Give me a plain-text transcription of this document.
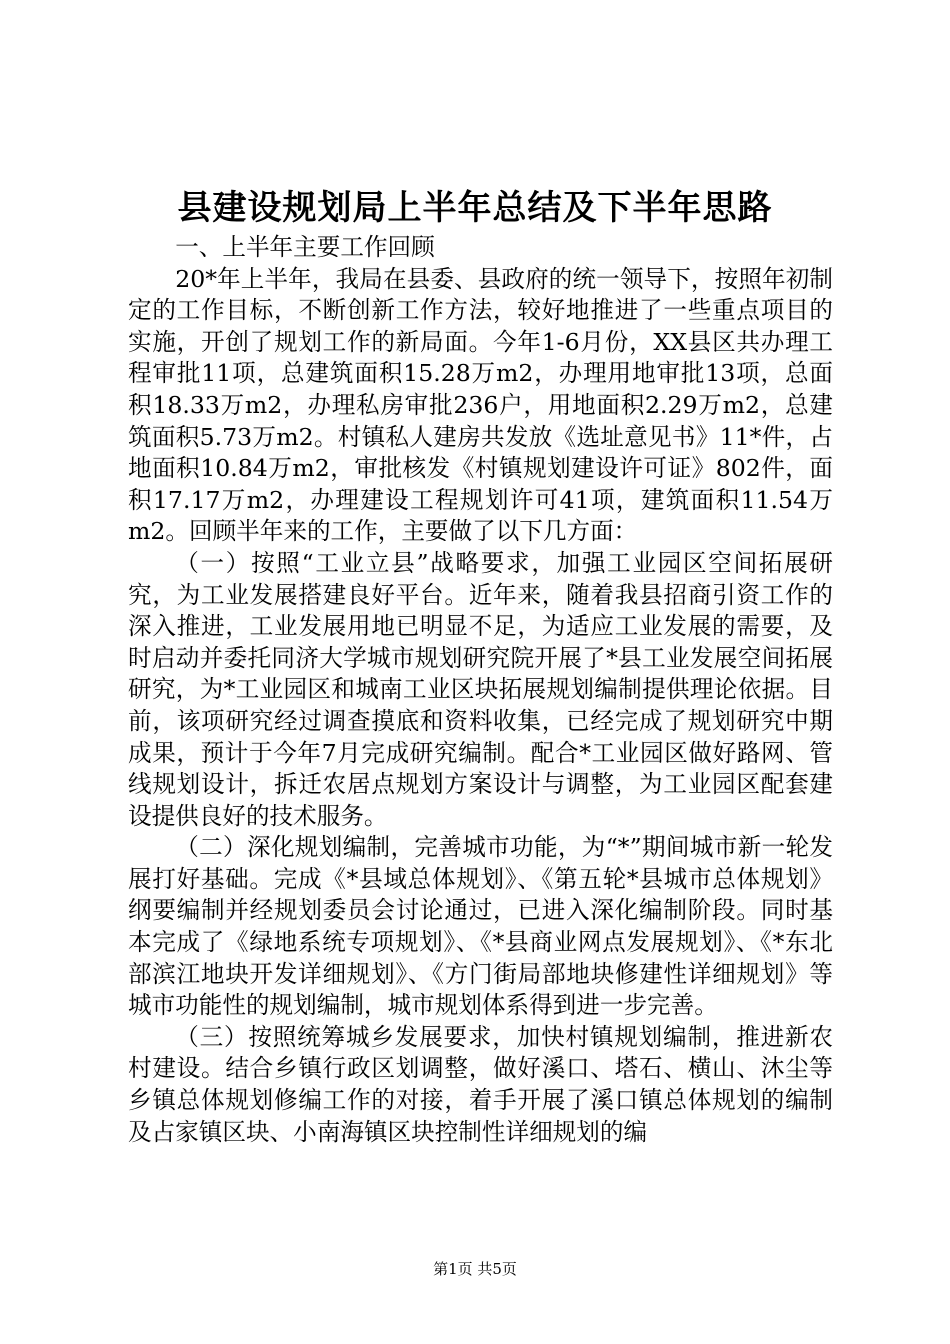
县建设规划局上半年总结及下半年思路
一、上半年主要工作回顾

20*年上半年，我局在县委、县政府的统一领导下，按照年初制定的工作目标，不断创新工作方法，较好地推进了一些重点项目的实施，开创了规划工作的新局面。今年1-6月份，XX县区共办理工程审批11项，总建筑面积15.28万m2，办理用地审批13项，总面积18.33万m2，办理私房审批236户，用地面积2.29万m2，总建筑面积5.73万m2。村镇私人建房共发放《选址意见书》11*件，占地面积10.84万m2，审批核发《村镇规划建设许可证》802件，面积17.17万m2，办理建设工程规划许可41项，建筑面积11.54万m2。回顾半年来的工作，主要做了以下几方面：

（一）按照“工业立县”战略要求，加强工业园区空间拓展研究，为工业发展搭建良好平台。近年来，随着我县招商引资工作的深入推进，工业发展用地已明显不足，为适应工业发展的需要，及时启动并委托同济大学城市规划研究院开展了*县工业发展空间拓展研究，为*工业园区和城南工业区块拓展规划编制提供理论依据。目前，该项研究经过调查摸底和资料收集，已经完成了规划研究中期成果，预计于今年7月完成研究编制。配合*工业园区做好路网、管线规划设计，拆迁农居点规划方案设计与调整，为工业园区配套建设提供良好的技术服务。

（二）深化规划编制，完善城市功能，为“*”期间城市新一轮发展打好基础。完成《*县域总体规划》、《第五轮*县城市总体规划》纲要编制并经规划委员会讨论通过，已进入深化编制阶段。同时基本完成了《绿地系统专项规划》、《*县商业网点发展规划》、《*东北部滨江地块开发详细规划》、《方门街局部地块修建性详细规划》等城市功能性的规划编制，城市规划体系得到进一步完善。

（三）按照统筹城乡发展要求，加快村镇规划编制，推进新农村建设。结合乡镇行政区划调整，做好溪口、塔石、横山、沐尘等乡镇总体规划修编工作的对接，着手开展了溪口镇总体规划的编制及占家镇区块、小南海镇区块控制性详细规划的编

第1页 共5页
